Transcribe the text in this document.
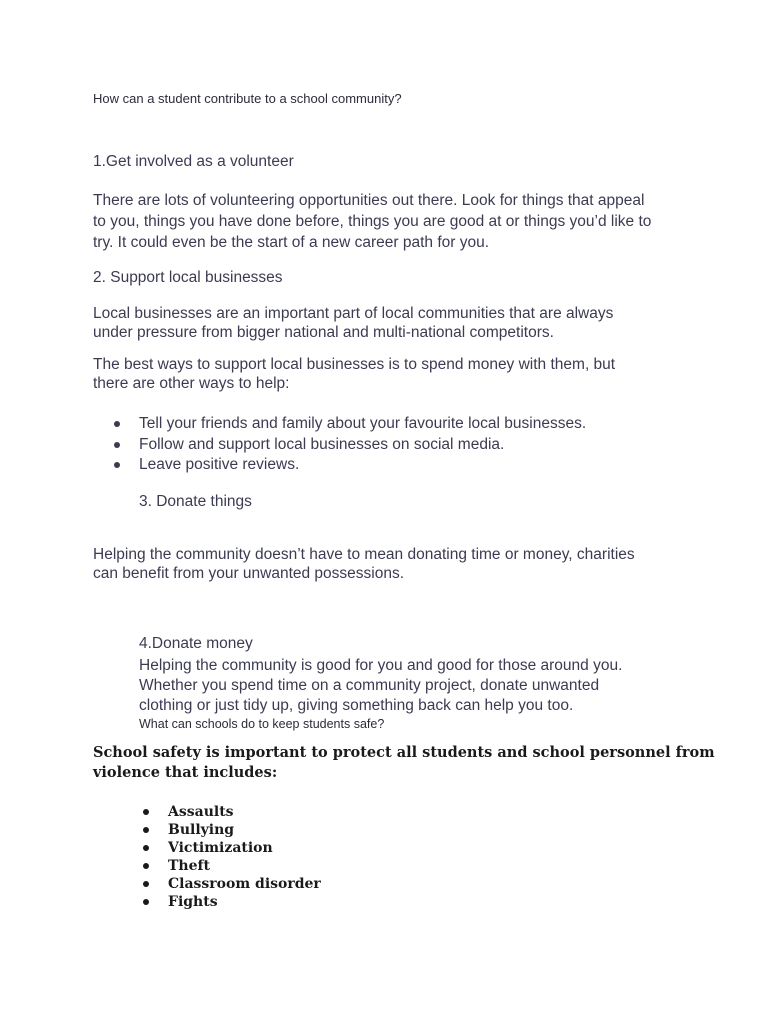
How can a student contribute to a school community?

1.Get involved as a volunteer

There are lots of volunteering opportunities out there. Look for things that appeal
to you, things you have done before, things you are good at or things you’d like to
try. It could even be the start of a new career path for you.

2. Support local businesses

Local businesses are an important part of local communities that are always
under pressure from bigger national and multi-national competitors.
The best ways to support local businesses is to spend money with them, but
there are other ways to help:
Tell your friends and family about your favourite local businesses.
Follow and support local businesses on social media.
Leave positive reviews.

3. Donate things

Helping the community doesn’t have to mean donating time or money, charities
can benefit from your unwanted possessions.

4.Donate money

Helping the community is good for you and good for those around you.
Whether you spend time on a community project, donate unwanted
clothing or just tidy up, giving something back can help you too.

What can schools do to keep students safe?

School safety is important to protect all students and school personnel from
violence that includes:
Assaults
Bullying
Victimization
Theft
Classroom disorder
Fights
